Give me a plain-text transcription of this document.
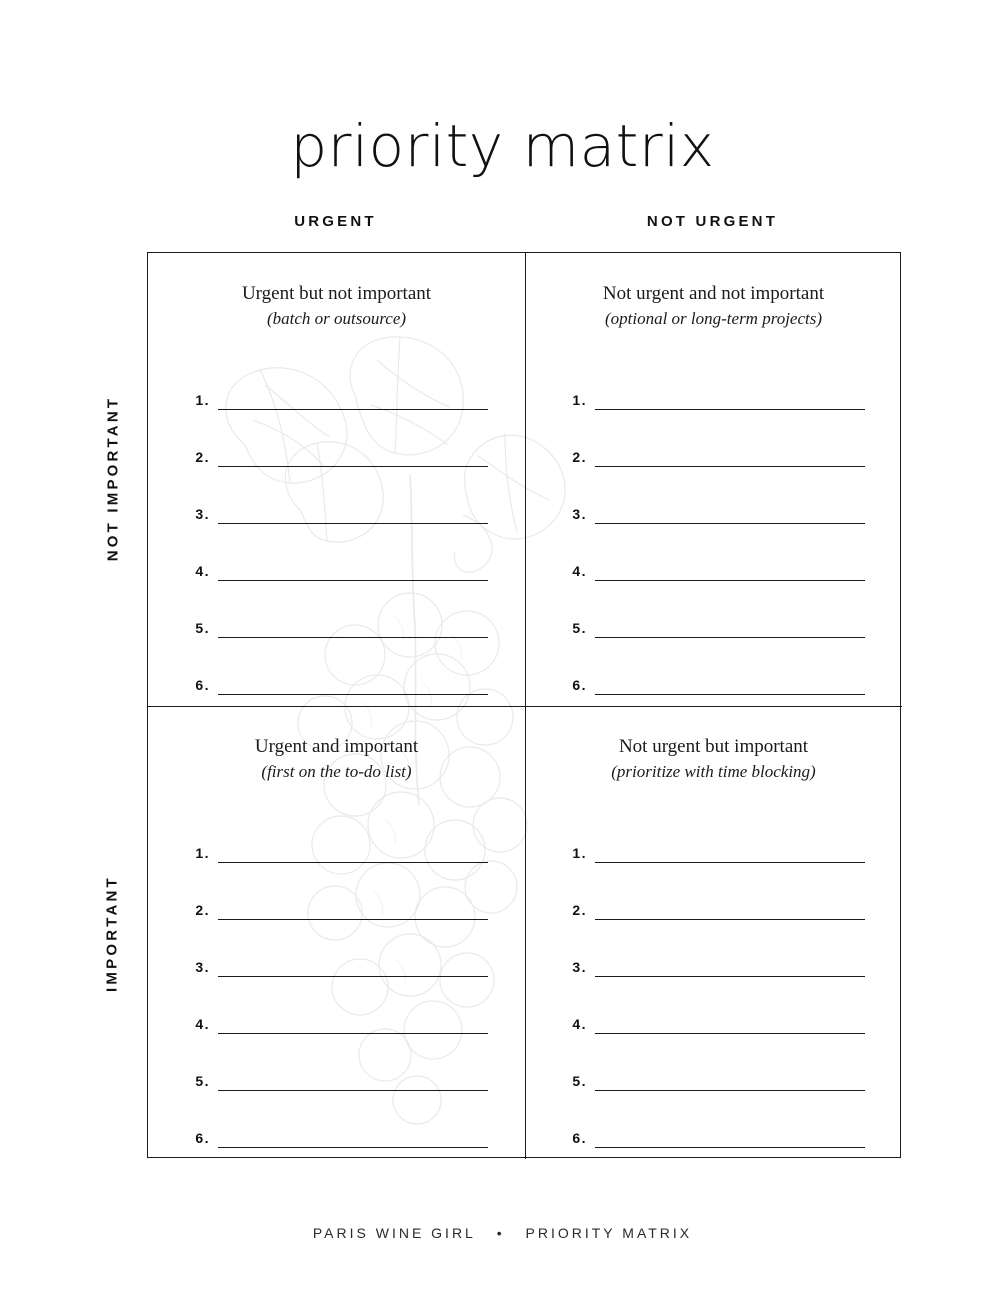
priority matrix
URGENT	NOT URGENT
NOT IMPORTANT
IMPORTANT
Urgent but not important
(batch or outsource)
1.
2.
3.
4.
5.
6.
Not urgent and not important
(optional or long-term projects)
1.
2.
3.
4.
5.
6.
Urgent and important
(first on the to-do list)
1.
2.
3.
4.
5.
6.
Not urgent but important
(prioritize with time blocking)
1.
2.
3.
4.
5.
6.
PARIS WINE GIRL • PRIORITY MATRIX
